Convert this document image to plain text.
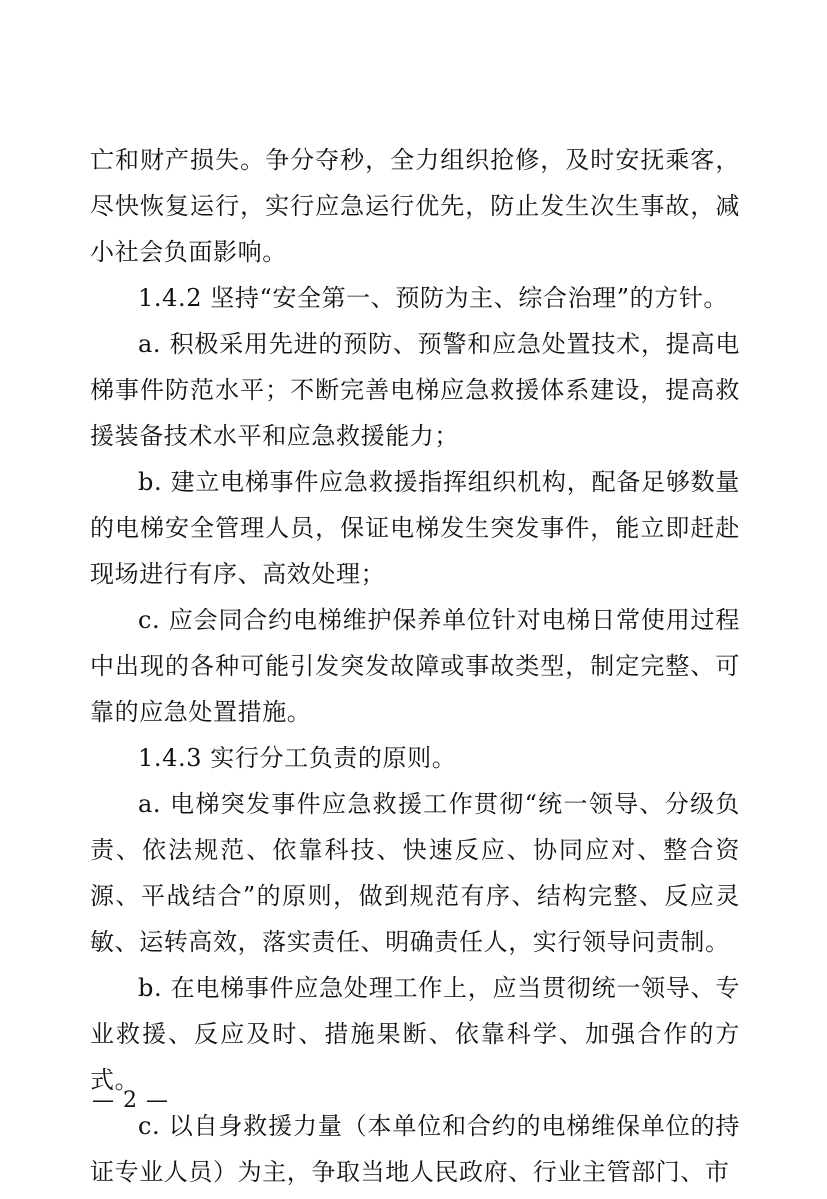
亡和财产损失。争分夺秒，全力组织抢修，及时安抚乘客，尽快恢复运行，实行应急运行优先，防止发生次生事故，减小社会负面影响。

1.4.2 坚持“安全第一、预防为主、综合治理”的方针。

a. 积极采用先进的预防、预警和应急处置技术，提高电梯事件防范水平；不断完善电梯应急救援体系建设，提高救援装备技术水平和应急救援能力；

b. 建立电梯事件应急救援指挥组织机构，配备足够数量的电梯安全管理人员，保证电梯发生突发事件，能立即赶赴现场进行有序、高效处理；

c. 应会同合约电梯维护保养单位针对电梯日常使用过程中出现的各种可能引发突发故障或事故类型，制定完整、可靠的应急处置措施。

1.4.3 实行分工负责的原则。

a. 电梯突发事件应急救援工作贯彻“统一领导、分级负责、依法规范、依靠科技、快速反应、协同应对、整合资源、平战结合”的原则，做到规范有序、结构完整、反应灵敏、运转高效，落实责任、明确责任人，实行领导问责制。

b. 在电梯事件应急处理工作上，应当贯彻统一领导、专业救援、反应及时、措施果断、依靠科学、加强合作的方式。

c. 以自身救援力量（本单位和合约的电梯维保单位的持证专业人员）为主，争取当地人民政府、行业主管部门、市

— 2 —
